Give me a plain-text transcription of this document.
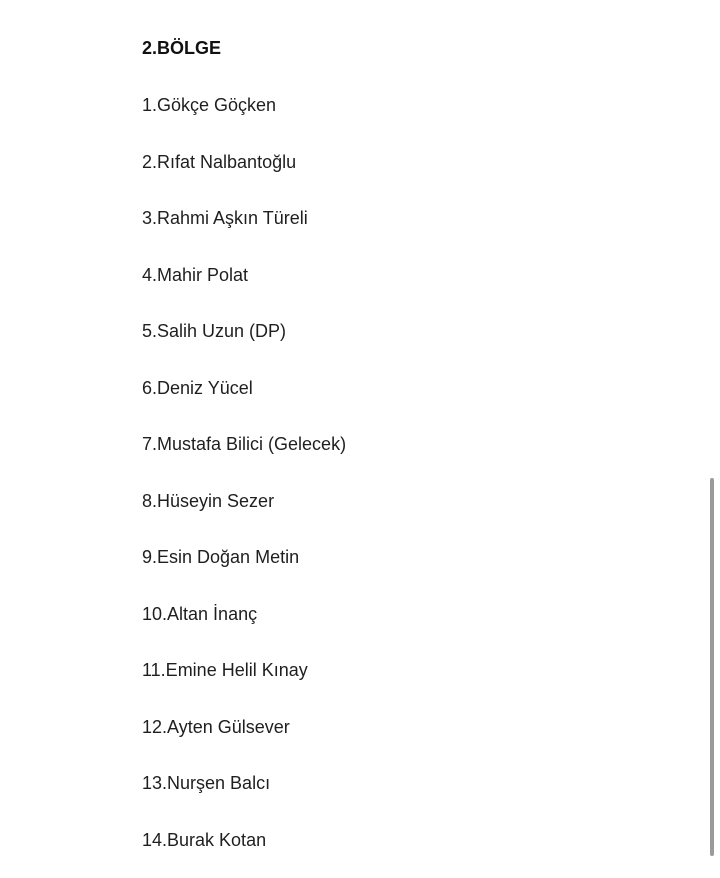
2.BÖLGE
1.Gökçe Göçken
2.Rıfat Nalbantoğlu
3.Rahmi Aşkın Türeli
4.Mahir Polat
5.Salih Uzun (DP)
6.Deniz Yücel
7.Mustafa Bilici (Gelecek)
8.Hüseyin Sezer
9.Esin Doğan Metin
10.Altan İnanç
11.Emine Helil Kınay
12.Ayten Gülsever
13.Nurşen Balcı
14.Burak Kotan
